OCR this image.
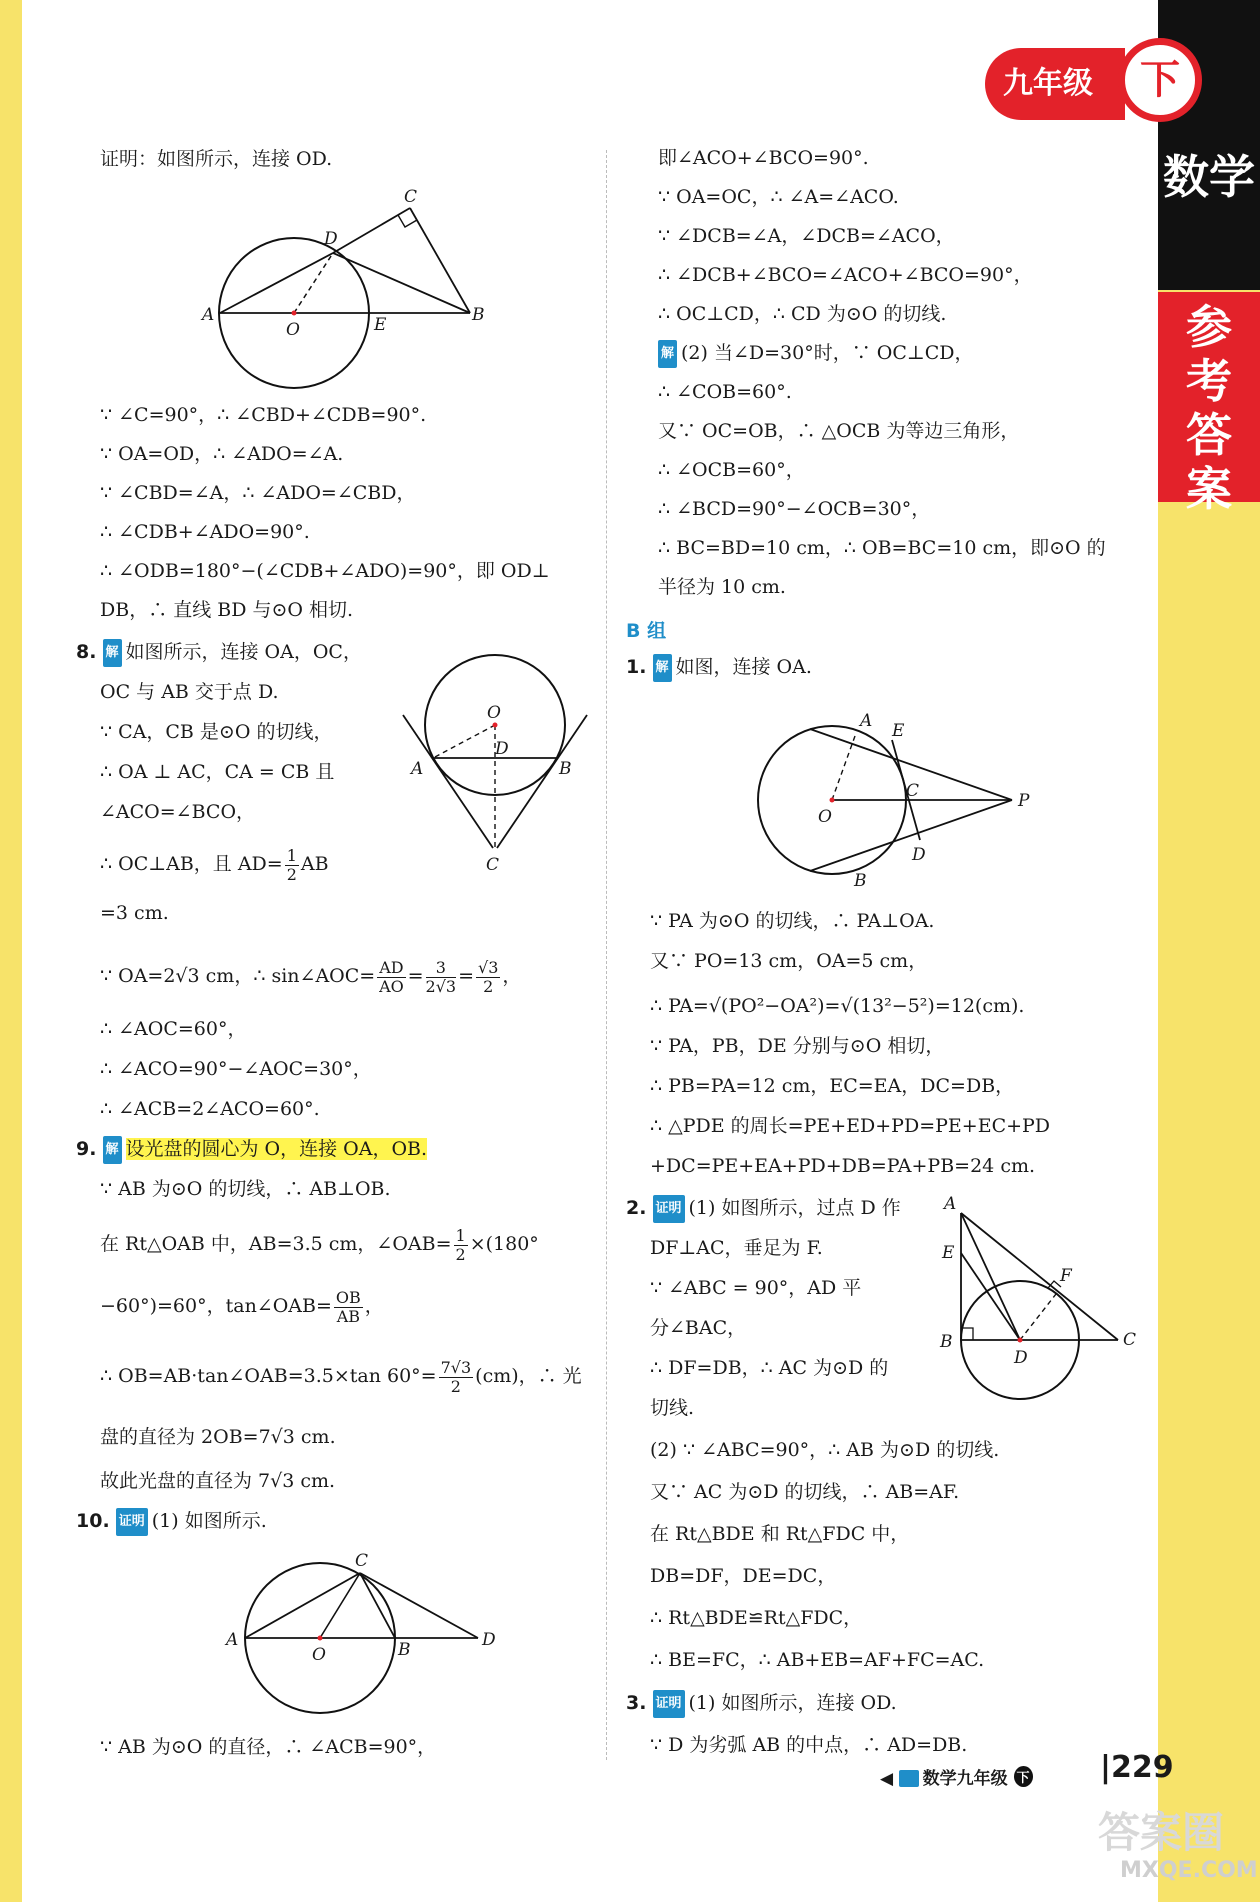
数学
参考答案
九年级	下
证明：如图所示，连接 OD.
C
D
A
O	E	B
∵ ∠C=90°，∴ ∠CBD+∠CDB=90°.
∵ OA=OD，∴ ∠ADO=∠A.
∵ ∠CBD=∠A，∴ ∠ADO=∠CBD，
∴ ∠CDB+∠ADO=90°.
∴ ∠ODB=180°−(∠CDB+∠ADO)=90°，即 OD⊥
DB，∴ 直线 BD 与⊙O 相切.
8. 解 如图所示，连接 OA，OC，
OC 与 AB 交于点 D.
∵ CA，CB 是⊙O 的切线，
∴ OA ⊥ AC，CA = CB 且
∠ACO=∠BCO，
O
D
A	B
C
∴ OC⊥AB，且 $AD= \frac{1}{2}$ AB
=3 cm.
∵ OA=2√3 cm，∴ sin∠AOC= $\frac{AD}{AO} = \frac{3}{2√3} = \frac{√3}{2}$ ，
∴ ∠AOC=60°，
∴ ∠ACO=90°−∠AOC=30°，
∴ ∠ACB=2∠ACO=60°.
9. 解 设光盘的圆心为 O，连接 OA，OB.
∵ AB 为⊙O 的切线，∴ AB⊥OB.
在 Rt△OAB 中，AB=3.5 cm，∠OAB= $\frac{1}{2} \times(180^\circ$
−60°)=60°，tan∠OAB= $\frac{OB}{AB}$ ，
∴ OB=AB·tan∠OAB=3.5×tan $60^\circ= \frac{7√3}{2} (cm)$，∴ 光
盘的直径为 2OB=7√3 cm.
故此光盘的直径为 7√3 cm.
10. 证明 (1) 如图所示.
C
A
O	B	D
∵ AB 为⊙O 的直径，∴ ∠ACB=90°，
即∠ACO+∠BCO=90°.
∵ OA=OC，∴ ∠A=∠ACO.
∵ ∠DCB=∠A，∠DCB=∠ACO，
∴ ∠DCB+∠BCO=∠ACO+∠BCO=90°，
∴ OC⊥CD，∴ CD 为⊙O 的切线.
解 (2) 当∠D=30°时，∵ OC⊥CD，
∴ ∠COB=60°.
又∵ OC=OB，∴ △OCB 为等边三角形，
∴ ∠OCB=60°，
∴ ∠BCD=90°−∠OCB=30°，
∴ BC=BD=10 cm，∴ OB=BC=10 cm，即⊙O 的
半径为 10 cm.
B 组
1. 解 如图，连接 OA.
A E
C
O
P
D
B
∵ PA 为⊙O 的切线，∴ PA⊥OA.
又∵ PO=13 cm，OA=5 cm，
∴ PA=√(PO²−OA²)=√(13²−5²)=12(cm).
∵ PA，PB，DE 分别与⊙O 相切，
∴ PB=PA=12 cm，EC=EA，DC=DB，
∴ △PDE 的周长=PE+ED+PD=PE+EC+PD
+DC=PE+EA+PD+DB=PA+PB=24 cm.
2. 证明 (1) 如图所示，过点 D 作
DF⊥AC，垂足为 F.
∵ ∠ABC = 90°，AD 平
分∠BAC，
∴ DF=DB，∴ AC 为⊙D 的
切线.
A
E
F
B
D
C
(2) ∵ ∠ABC=90°，∴ AB 为⊙D 的切线.
又∵ AC 为⊙D 的切线，∴ AB=AF.
在 Rt△BDE 和 Rt△FDC 中，
DB=DF，DE=DC，
∴ Rt△BDE≌Rt△FDC，
∴ BE=FC，∴ AB+EB=AF+FC=AC.
3. 证明 (1) 如图所示，连接 OD.
∵ D 为劣弧 AB 的中点，∴ AD=DB.
◀    数学九年级 下 |229
答案圈
MXQE.COM
